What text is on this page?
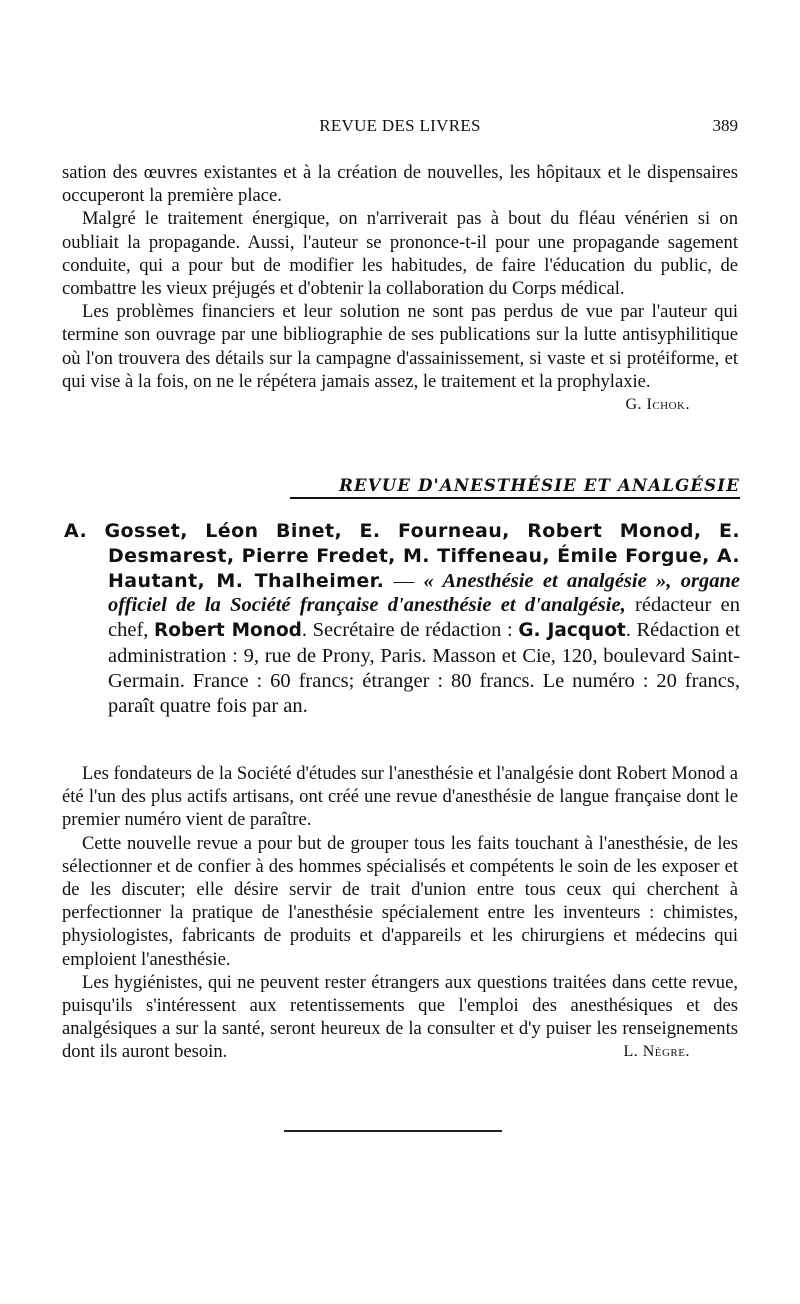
REVUE DES LIVRES	389

sation des œuvres existantes et à la création de nouvelles, les hôpitaux et le dispensaires occuperont la première place.

Malgré le traitement énergique, on n'arriverait pas à bout du fléau vénérien si on oubliait la propagande. Aussi, l'auteur se prononce-t-il pour une propagande sagement conduite, qui a pour but de modifier les habitudes, de faire l'éducation du public, de combattre les vieux préjugés et d'obtenir la collaboration du Corps médical.

Les problèmes financiers et leur solution ne sont pas perdus de vue par l'auteur qui termine son ouvrage par une bibliographie de ses publications sur la lutte antisyphilitique où l'on trouvera des détails sur la campagne d'assainissement, si vaste et si protéiforme, et qui vise à la fois, on ne le répétera jamais assez, le traitement et la prophylaxie.
G. Ichok.

REVUE D'ANESTHÉSIE ET ANALGÉSIE
A. Gosset, Léon Binet, E. Fourneau, Robert Monod, E. Desmarest, Pierre Fredet, M. Tiffeneau, Émile Forgue, A. Hautant, M. Thalheimer. — « Anesthésie et analgésie », organe officiel de la Société française d'anesthésie et d'analgésie, rédacteur en chef, Robert Monod. Secrétaire de rédaction : G. Jacquot. Rédaction et administration : 9, rue de Prony, Paris. Masson et Cie, 120, boulevard Saint-Germain. France : 60 francs; étranger : 80 francs. Le numéro : 20 francs, paraît quatre fois par an.

Les fondateurs de la Société d'études sur l'anesthésie et l'analgésie dont Robert Monod a été l'un des plus actifs artisans, ont créé une revue d'anesthésie de langue française dont le premier numéro vient de paraître.

Cette nouvelle revue a pour but de grouper tous les faits touchant à l'anesthésie, de les sélectionner et de confier à des hommes spécialisés et compétents le soin de les exposer et de les discuter; elle désire servir de trait d'union entre tous ceux qui cherchent à perfectionner la pratique de l'anesthésie spécialement entre les inventeurs : chimistes, physiologistes, fabricants de produits et d'appareils et les chirurgiens et médecins qui emploient l'anesthésie.

Les hygiénistes, qui ne peuvent rester étrangers aux questions traitées dans cette revue, puisqu'ils s'intéressent aux retentissements que l'emploi des anesthésiques et des analgésiques a sur la santé, seront heureux de la consulter et d'y puiser les renseignements dont ils auront besoin.	L. Nègre.
